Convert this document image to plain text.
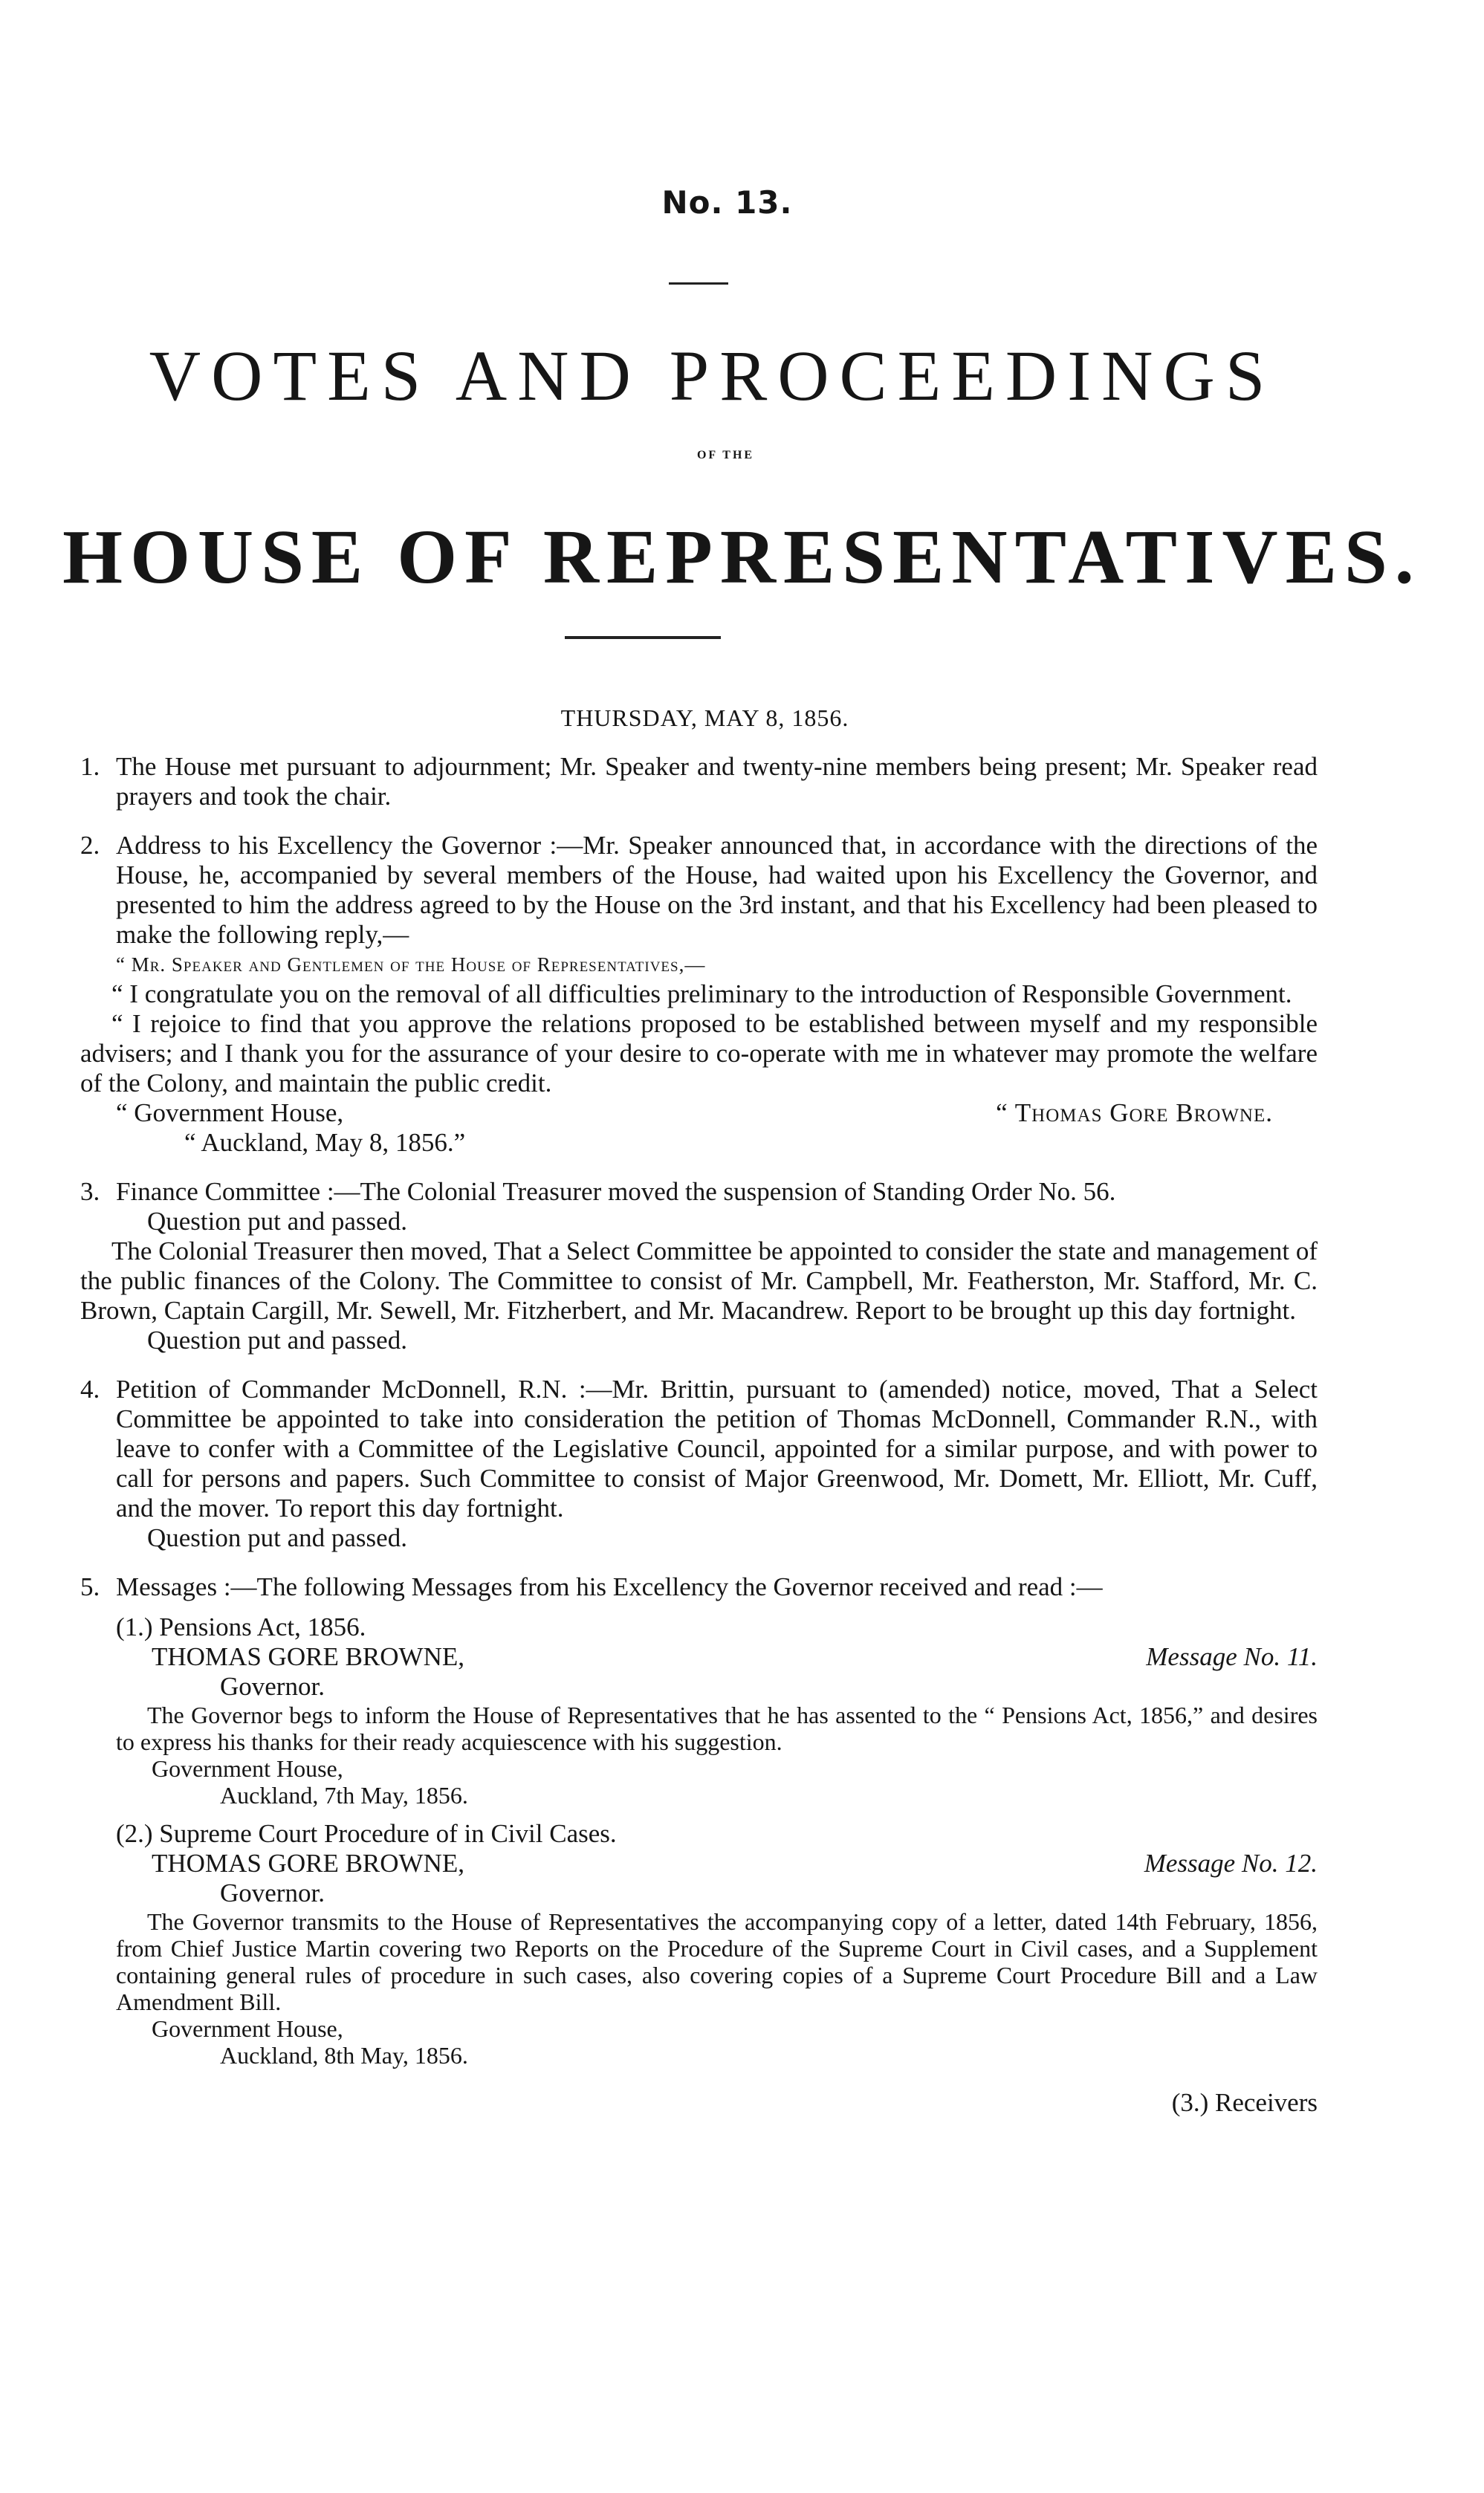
No. 13.
VOTES AND PROCEEDINGS
OF THE
HOUSE OF REPRESENTATIVES.
THURSDAY, MAY 8, 1856.
1. The House met pursuant to adjournment; Mr. Speaker and twenty-nine members being present; Mr. Speaker read prayers and took the chair.
2. Address to his Excellency the Governor :—Mr. Speaker announced that, in accordance with the directions of the House, he, accompanied by several members of the House, had waited upon his Excellency the Governor, and presented to him the address agreed to by the House on the 3rd instant, and that his Excellency had been pleased to make the following reply,—
“ Mr. Speaker and Gentlemen of the House of Representatives,—
“ I congratulate you on the removal of all difficulties preliminary to the introduction of Responsible Government.
“ I rejoice to find that you approve the relations proposed to be established between myself and my responsible advisers; and I thank you for the assurance of your desire to co-operate with me in whatever may promote the welfare of the Colony, and maintain the public credit.
“ Government House,	“ Thomas Gore Browne.
“ Auckland, May 8, 1856.”
3. Finance Committee :—The Colonial Treasurer moved the suspension of Standing Order No. 56.
Question put and passed.
The Colonial Treasurer then moved, That a Select Committee be appointed to consider the state and management of the public finances of the Colony. The Committee to consist of Mr. Campbell, Mr. Featherston, Mr. Stafford, Mr. C. Brown, Captain Cargill, Mr. Sewell, Mr. Fitzherbert, and Mr. Macandrew. Report to be brought up this day fortnight.
Question put and passed.
4. Petition of Commander McDonnell, R.N. :—Mr. Brittin, pursuant to (amended) notice, moved, That a Select Committee be appointed to take into consideration the petition of Thomas McDonnell, Commander R.N., with leave to confer with a Committee of the Legislative Council, appointed for a similar purpose, and with power to call for persons and papers. Such Committee to consist of Major Greenwood, Mr. Domett, Mr. Elliott, Mr. Cuff, and the mover. To report this day fortnight.
Question put and passed.
5. Messages :—The following Messages from his Excellency the Governor received and read :—
(1.) Pensions Act, 1856.
THOMAS GORE BROWNE,	Message No. 11.
Governor.
The Governor begs to inform the House of Representatives that he has assented to the “ Pensions Act, 1856,” and desires to express his thanks for their ready acquiescence with his suggestion.
Government House,
Auckland, 7th May, 1856.
(2.) Supreme Court Procedure of in Civil Cases.
THOMAS GORE BROWNE,	Message No. 12.
Governor.
The Governor transmits to the House of Representatives the accompanying copy of a letter, dated 14th February, 1856, from Chief Justice Martin covering two Reports on the Procedure of the Supreme Court in Civil cases, and a Supplement containing general rules of procedure in such cases, also covering copies of a Supreme Court Procedure Bill and a Law Amendment Bill.
Government House,
Auckland, 8th May, 1856.
(3.) Receivers
